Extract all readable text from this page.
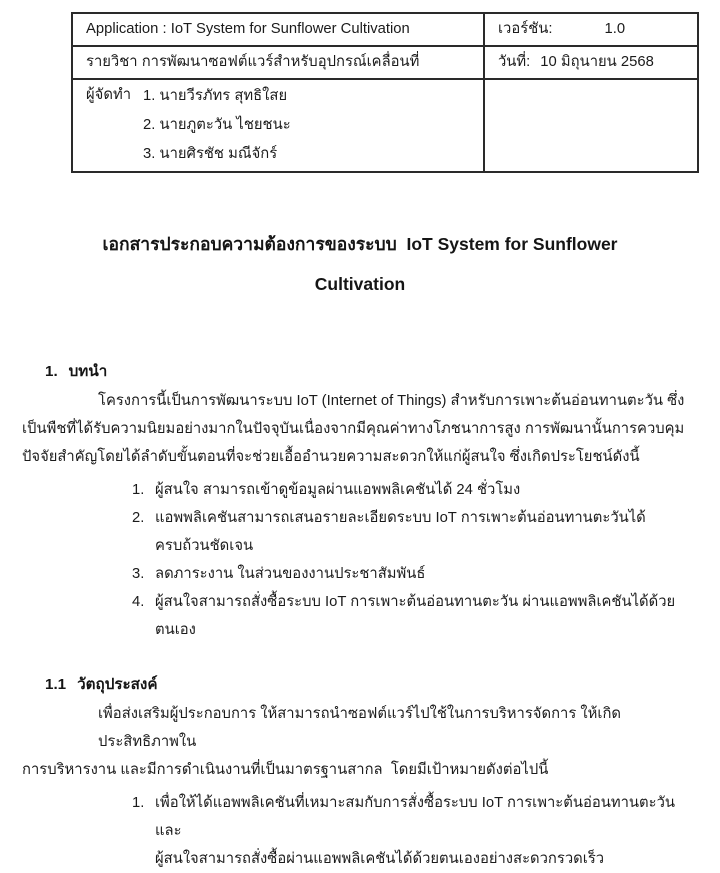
Application : IoT System for Sunflower Cultivation	เวอร์ชัน: 1.0
รายวิชา การพัฒนาซอฟต์แวร์สำหรับอุปกรณ์เคลื่อนที่	วันที่: 10 มิถุนายน 2568

ผู้จัดทำ 1. นายวีรภัทร สุทธิใสย
2. นายภูตะวัน ไชยชนะ
3. นายศิรชัช มณีจักร์	

เอกสารประกอบความต้องการของระบบ  IoT System for Sunflower
Cultivation
1. บทนำ
โครงการนี้เป็นการพัฒนาระบบ IoT (Internet of Things) สำหรับการเพาะต้นอ่อนทานตะวัน ซึ่ง
เป็นพืชที่ได้รับความนิยมอย่างมากในปัจจุบันเนื่องจากมีคุณค่าทางโภชนาการสูง การพัฒนานั้นการควบคุม
ปัจจัยสำคัญโดยได้ลำดับขั้นตอนที่จะช่วยเอื้ออำนวยความสะดวกให้แก่ผู้สนใจ ซึ่งเกิดประโยชน์ดังนี้
1. ผู้สนใจ สามารถเข้าดูข้อมูลผ่านแอพพลิเคชันได้ 24 ชั่วโมง
2. แอพพลิเคชันสามารถเสนอรายละเอียดระบบ IoT การเพาะต้นอ่อนทานตะวันได้
ครบถ้วนชัดเจน
3. ลดภาระงาน ในส่วนของงานประชาสัมพันธ์
4. ผู้สนใจสามารถสั่งซื้อระบบ IoT การเพาะต้นอ่อนทานตะวัน ผ่านแอพพลิเคชันได้ด้วย
ตนเอง
1.1 วัตถุประสงค์
เพื่อส่งเสริมผู้ประกอบการ ให้สามารถนำซอฟต์แวร์ไปใช้ในการบริหารจัดการ ให้เกิดประสิทธิภาพใน
การบริหารงาน และมีการดำเนินงานที่เป็นมาตรฐานสากล  โดยมีเป้าหมายดังต่อไปนี้
1. เพื่อให้ได้แอพพลิเคชันที่เหมาะสมกับการสั่งซื้อระบบ IoT การเพาะต้นอ่อนทานตะวัน และ
ผู้สนใจสามารถสั่งซื้อผ่านแอพพลิเคชันได้ด้วยตนเองอย่างสะดวกรวดเร็ว
